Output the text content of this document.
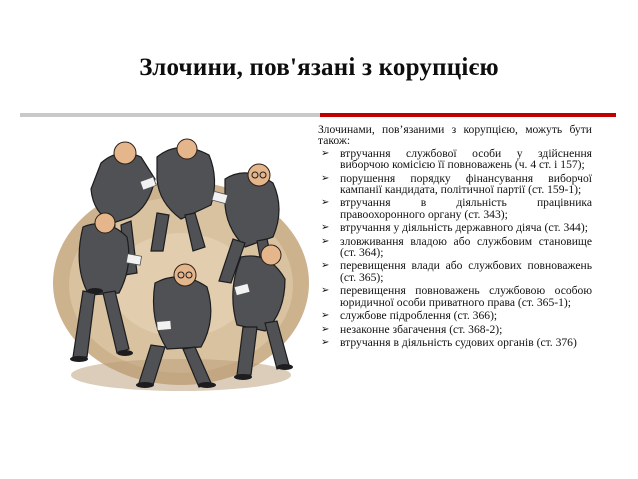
Злочини, пов'язані з корупцією

Злочинами, пов’язаними з корупцією, можуть бути також:

➢ втручання службової особи у здійснення виборчою комісією її повноважень (ч. 4 ст. і 157);
➢ порушення порядку фінансування виборчої кампанії кандидата, політичної партії (ст. 159-1);
➢ втручання в діяльність працівника правоохоронного органу (ст. 343);
➢ втручання у діяльність державного діяча (ст. 344);
➢ зловживання владою або службовим становище (ст. 364);
➢ перевищення влади або службових повноважень (ст. 365);
➢ перевищення повноважень службовою особою юридичної особи приватного права (ст. 365-1);
➢ службове підроблення (ст. 366);
➢ незаконне збагачення (ст. 368-2);
➢ втручання в діяльність судових органів (ст. 376)
